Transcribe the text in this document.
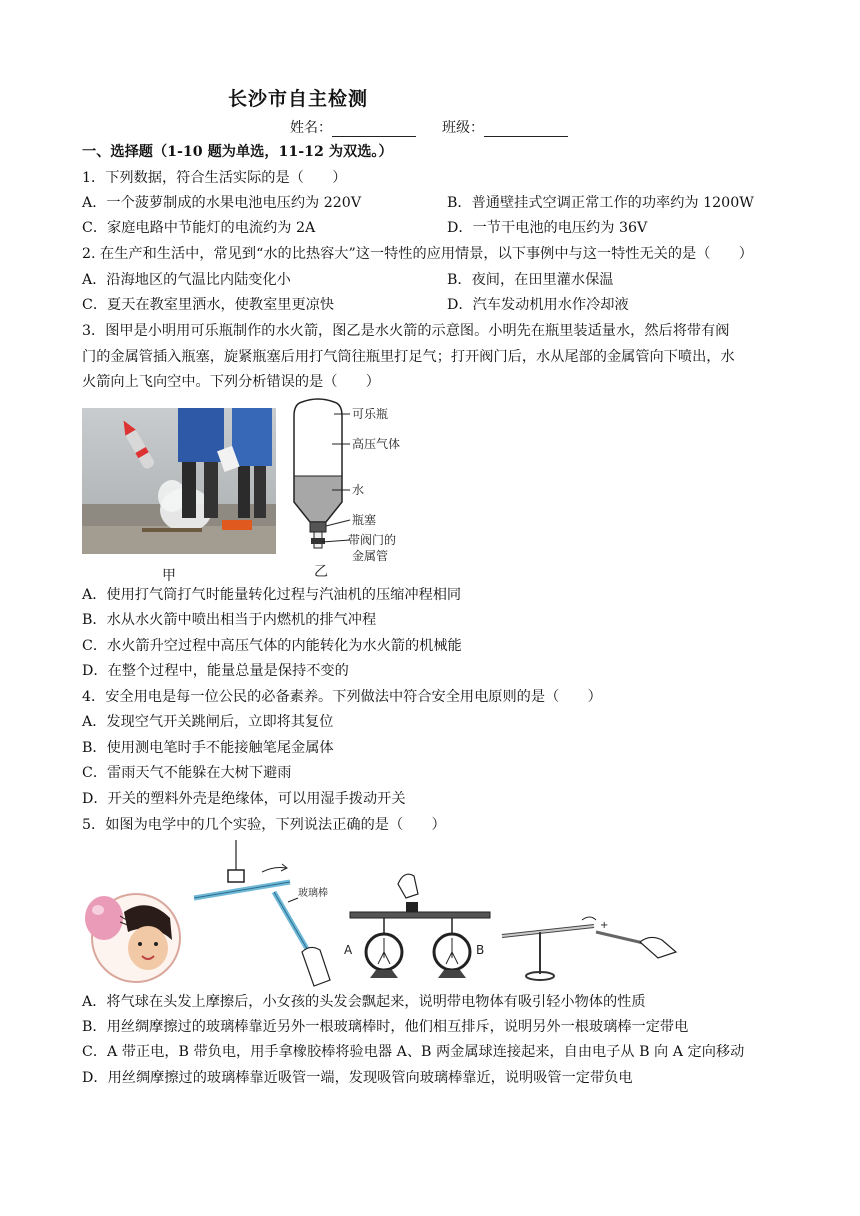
长沙市自主检测
姓名：	班级：
一、选择题（1-10 题为单选，11-12 为双选。）
1．下列数据，符合生活实际的是（　　）
A．一个菠萝制成的水果电池电压约为 220V	B．普通壁挂式空调正常工作的功率约为 1200W
C．家庭电路中节能灯的电流约为 2A	D．一节干电池的电压约为 36V
2. 在生产和生活中，常见到“水的比热容大”这一特性的应用情景，以下事例中与这一特性无关的是（　　）
A．沿海地区的气温比内陆变化小	B．夜间，在田里灌水保温
C．夏天在教室里洒水，使教室里更凉快	D．汽车发动机用水作冷却液
3．图甲是小明用可乐瓶制作的水火箭，图乙是水火箭的示意图。小明先在瓶里装适量水，然后将带有阀
门的金属管插入瓶塞，旋紧瓶塞后用打气筒往瓶里打足气；打开阀门后，水从尾部的金属管向下喷出，水
火箭向上飞向空中。下列分析错误的是（　　）
甲
可乐瓶
高压气体
水
瓶塞
带阀门的
金属管
乙
A．使用打气筒打气时能量转化过程与汽油机的压缩冲程相同
B．水从水火箭中喷出相当于内燃机的排气冲程
C．水火箭升空过程中高压气体的内能转化为水火箭的机械能
D．在整个过程中，能量总量是保持不变的
4．安全用电是每一位公民的必备素养。下列做法中符合安全用电原则的是（　　）
A．发现空气开关跳闸后，立即将其复位
B．使用测电笔时手不能接触笔尾金属体
C．雷雨天气不能躲在大树下避雨
D．开关的塑料外壳是绝缘体，可以用湿手拨动开关
5．如图为电学中的几个实验，下列说法正确的是（　　）
玻璃棒
A	B
+
A．将气球在头发上摩擦后，小女孩的头发会飘起来，说明带电物体有吸引轻小物体的性质
B．用丝绸摩擦过的玻璃棒靠近另外一根玻璃棒时，他们相互排斥，说明另外一根玻璃棒一定带电
C．A 带正电，B 带负电，用手拿橡胶棒将验电器 A、B 两金属球连接起来，自由电子从 B 向 A 定向移动
D．用丝绸摩擦过的玻璃棒靠近吸管一端，发现吸管向玻璃棒靠近，说明吸管一定带负电
